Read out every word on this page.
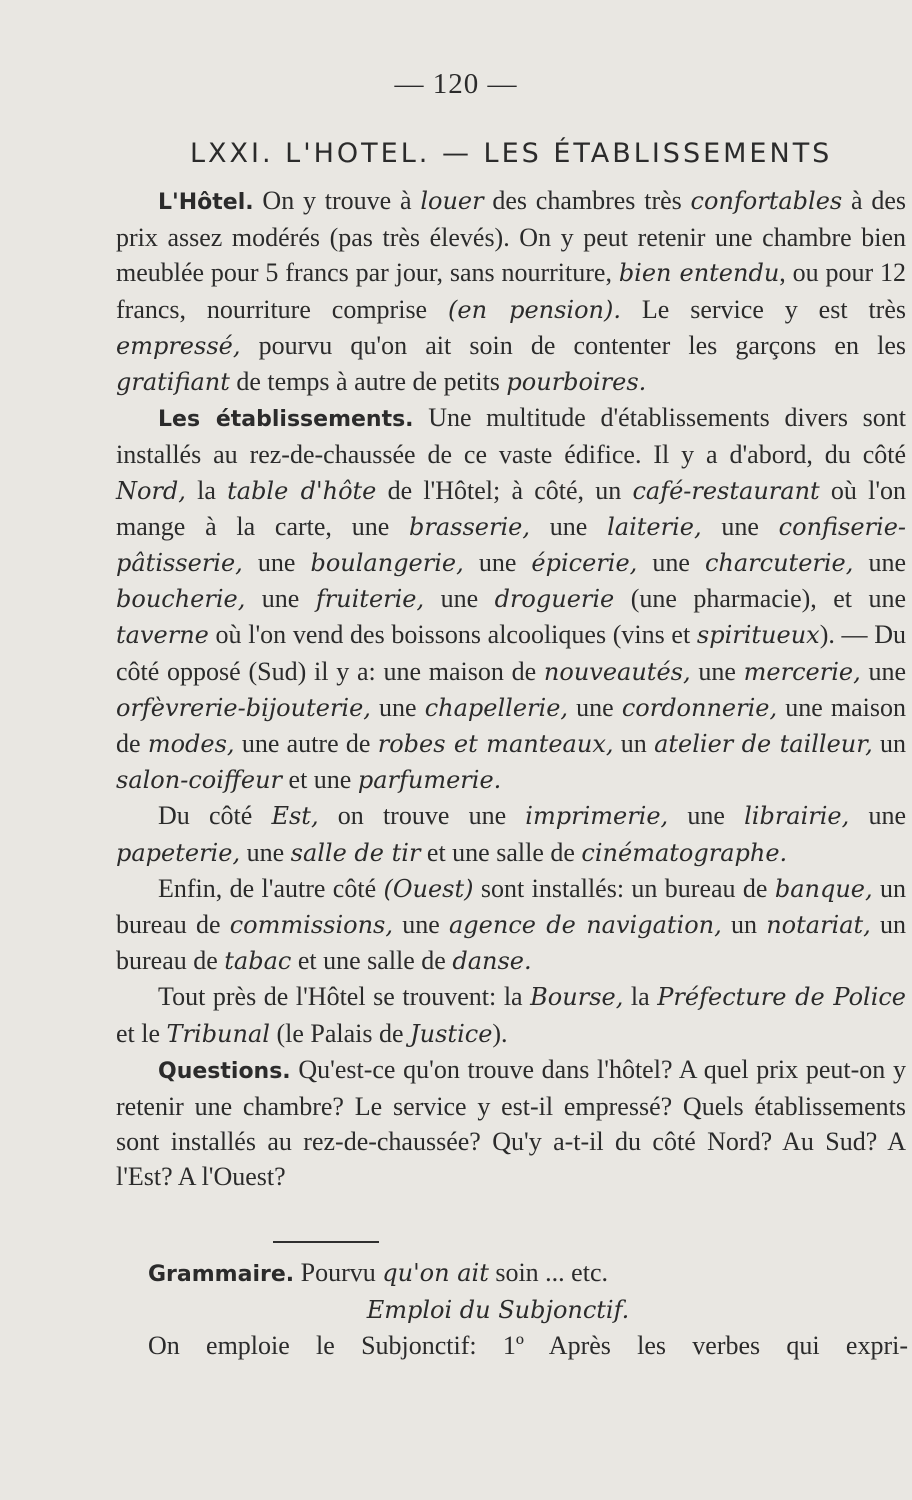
— 120 —
LXXI. L'HOTEL. — LES ÉTABLISSEMENTS

L'Hôtel. On y trouve à louer des chambres très confortables à des prix assez modérés (pas très élevés). On y peut retenir une chambre bien meublée pour 5 francs par jour, sans nourriture, bien entendu, ou pour 12 francs, nourriture comprise (en pension). Le service y est très empressé, pourvu qu'on ait soin de contenter les garçons en les gratifiant de temps à autre de petits pourboires.

Les établissements. Une multitude d'établissements divers sont installés au rez-de-chaussée de ce vaste édifice. Il y a d'abord, du côté Nord, la table d'hôte de l'Hôtel; à côté, un café-restaurant où l'on mange à la carte, une brasserie, une laiterie, une confiserie-pâtisserie, une boulangerie, une épicerie, une charcuterie, une boucherie, une fruiterie, une droguerie (une pharmacie), et une taverne où l'on vend des boissons alcooliques (vins et spiritueux). — Du côté opposé (Sud) il y a: une maison de nouveautés, une mercerie, une orfèvrerie-bijouterie, une chapellerie, une cordonnerie, une maison de modes, une autre de robes et manteaux, un atelier de tailleur, un salon-coiffeur et une parfumerie.

Du côté Est, on trouve une imprimerie, une librairie, une papeterie, une salle de tir et une salle de cinématographe.

Enfin, de l'autre côté (Ouest) sont installés: un bureau de banque, un bureau de commissions, une agence de navigation, un notariat, un bureau de tabac et une salle de danse.

Tout près de l'Hôtel se trouvent: la Bourse, la Préfecture de Police et le Tribunal (le Palais de Justice).

Questions. Qu'est-ce qu'on trouve dans l'hôtel? A quel prix peut-on y retenir une chambre? Le service y est-il empressé? Quels établissements sont installés au rez-de-chaussée? Qu'y a-t-il du côté Nord? Au Sud? A l'Est? A l'Ouest?

Grammaire. Pourvu qu'on ait soin ... etc.

Emploi du Subjonctif.

On emploie le Subjonctif: 1º Après les verbes qui expri-
